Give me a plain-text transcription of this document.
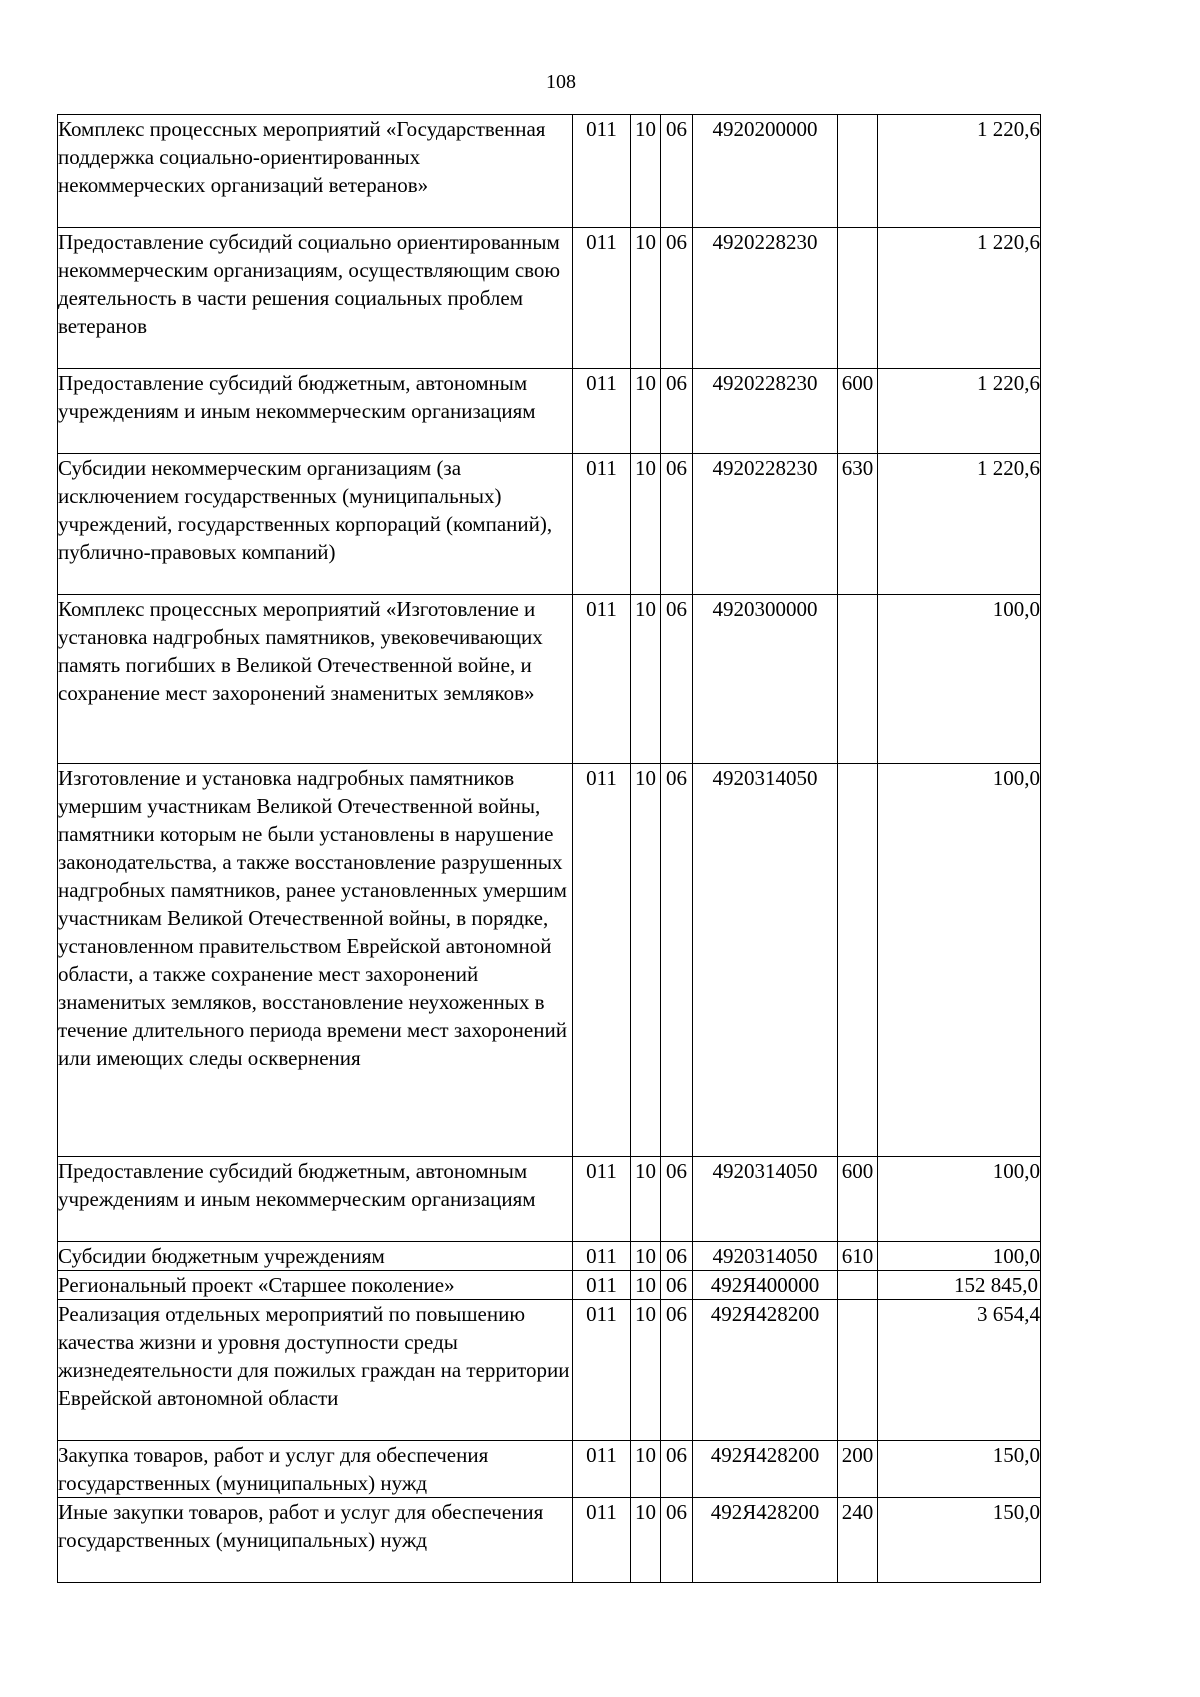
108
Комплекс процессных мероприятий «Государственная поддержка социально-ориентированных некоммерческих организаций ветеранов»	011	10	06	4920200000		1 220,6
Предоставление субсидий социально ориентированным некоммерческим организациям, осуществляющим свою деятельность в части решения социальных проблем ветеранов	011	10	06	4920228230		1 220,6
Предоставление субсидий бюджетным, автономным учреждениям и иным некоммерческим организациям	011	10	06	4920228230	600	1 220,6
Субсидии некоммерческим организациям (за исключением государственных (муниципальных) учреждений, государственных корпораций (компаний), публично-правовых компаний)	011	10	06	4920228230	630	1 220,6
Комплекс процессных мероприятий «Изготовление и установка надгробных памятников, увековечивающих память погибших в Великой Отечественной войне, и сохранение мест захоронений знаменитых земляков»	011	10	06	4920300000		100,0
Изготовление и установка надгробных памятников умершим участникам Великой Отечественной войны, памятники которым не были установлены в нарушение законодательства, а также восстановление разрушенных надгробных памятников, ранее установленных умершим участникам Великой Отечественной войны, в порядке, установленном правительством Еврейской автономной области, а также сохранение мест захоронений знаменитых земляков, восстановление неухоженных в течение длительного периода времени мест захоронений или имеющих следы осквернения	011	10	06	4920314050		100,0
Предоставление субсидий бюджетным, автономным учреждениям и иным некоммерческим организациям	011	10	06	4920314050	600	100,0
Субсидии бюджетным учреждениям	011	10	06	4920314050	610	100,0
Региональный проект «Старшее поколение»	011	10	06	492Я400000		152 845,0
Реализация отдельных мероприятий по повышению качества жизни и уровня доступности среды жизнедеятельности для пожилых граждан на территории Еврейской автономной области	011	10	06	492Я428200		3 654,4
Закупка товаров, работ и услуг для обеспечения государственных (муниципальных) нужд	011	10	06	492Я428200	200	150,0
Иные закупки товаров, работ и услуг для обеспечения государственных (муниципальных) нужд	011	10	06	492Я428200	240	150,0
